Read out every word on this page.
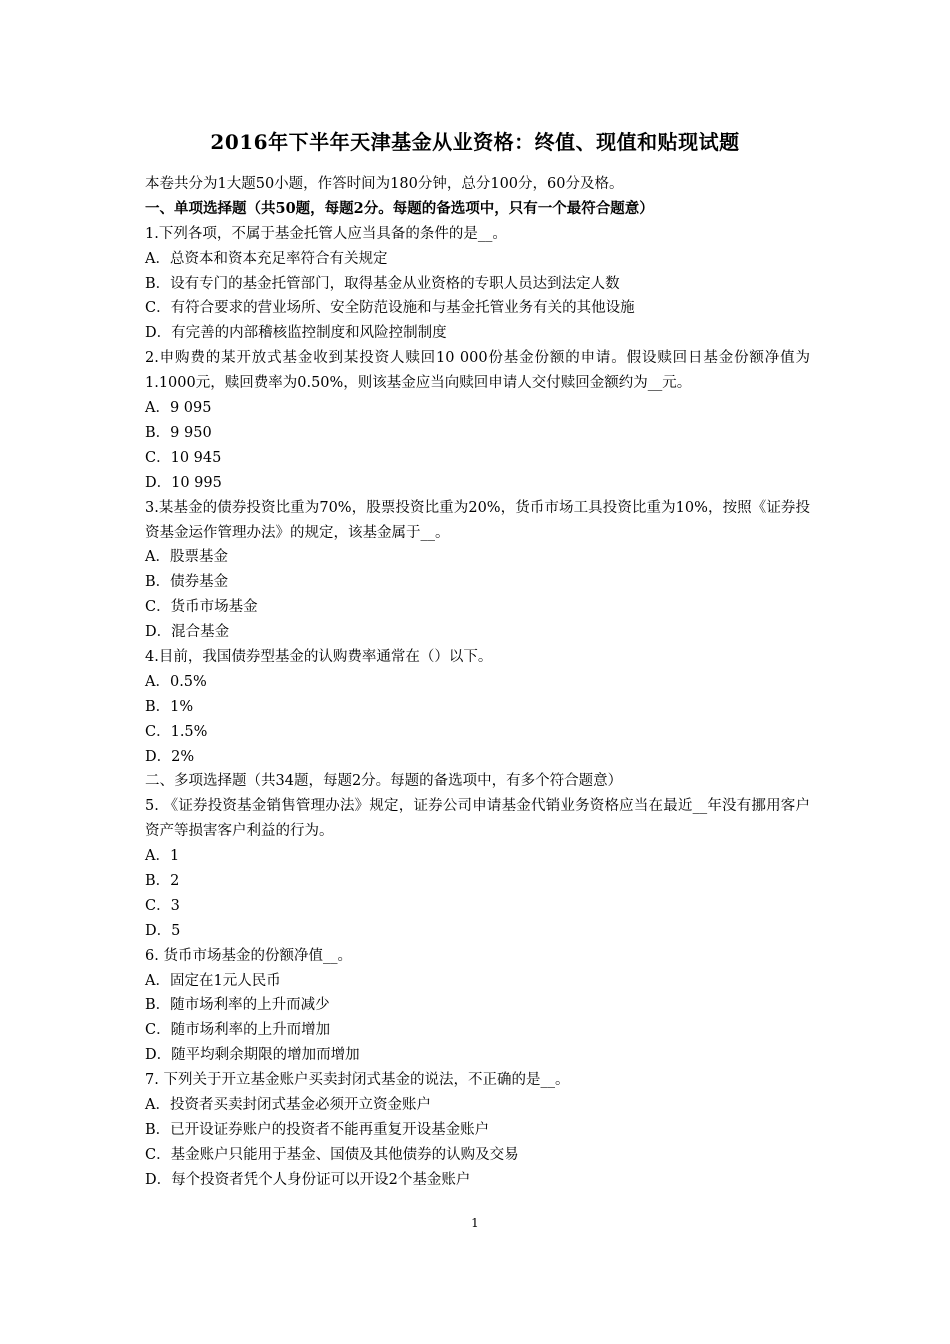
2016年下半年天津基金从业资格：终值、现值和贴现试题
本卷共分为1大题50小题，作答时间为180分钟，总分100分，60分及格。
一、单项选择题（共50题，每题2分。每题的备选项中，只有一个最符合题意）
1.下列各项，不属于基金托管人应当具备的条件的是__。
A．总资本和资本充足率符合有关规定
B．设有专门的基金托管部门，取得基金从业资格的专职人员达到法定人数
C．有符合要求的营业场所、安全防范设施和与基金托管业务有关的其他设施
D．有完善的内部稽核监控制度和风险控制制度
2.申购费的某开放式基金收到某投资人赎回10 000份基金份额的申请。假设赎回日基金份额净值为1.1000元，赎回费率为0.50%，则该基金应当向赎回申请人交付赎回金额约为__元。
A．9 095
B．9 950
C．10 945
D．10 995
3.某基金的债券投资比重为70%，股票投资比重为20%，货币市场工具投资比重为10%，按照《证券投资基金运作管理办法》的规定，该基金属于__。
A．股票基金
B．债券基金
C．货币市场基金
D．混合基金
4.目前，我国债券型基金的认购费率通常在（）以下。
A．0.5%
B．1%
C．1.5%
D．2%
二、多项选择题（共34题，每题2分。每题的备选项中，有多个符合题意）
5. 《证券投资基金销售管理办法》规定，证券公司申请基金代销业务资格应当在最近__年没有挪用客户资产等损害客户利益的行为。
A．1
B．2
C．3
D．5
6. 货币市场基金的份额净值__。
A．固定在1元人民币
B．随市场利率的上升而减少
C．随市场利率的上升而增加
D．随平均剩余期限的增加而增加
7. 下列关于开立基金账户买卖封闭式基金的说法，不正确的是__。
A．投资者买卖封闭式基金必须开立资金账户
B．已开设证券账户的投资者不能再重复开设基金账户
C．基金账户只能用于基金、国债及其他债券的认购及交易
D．每个投资者凭个人身份证可以开设2个基金账户
1
